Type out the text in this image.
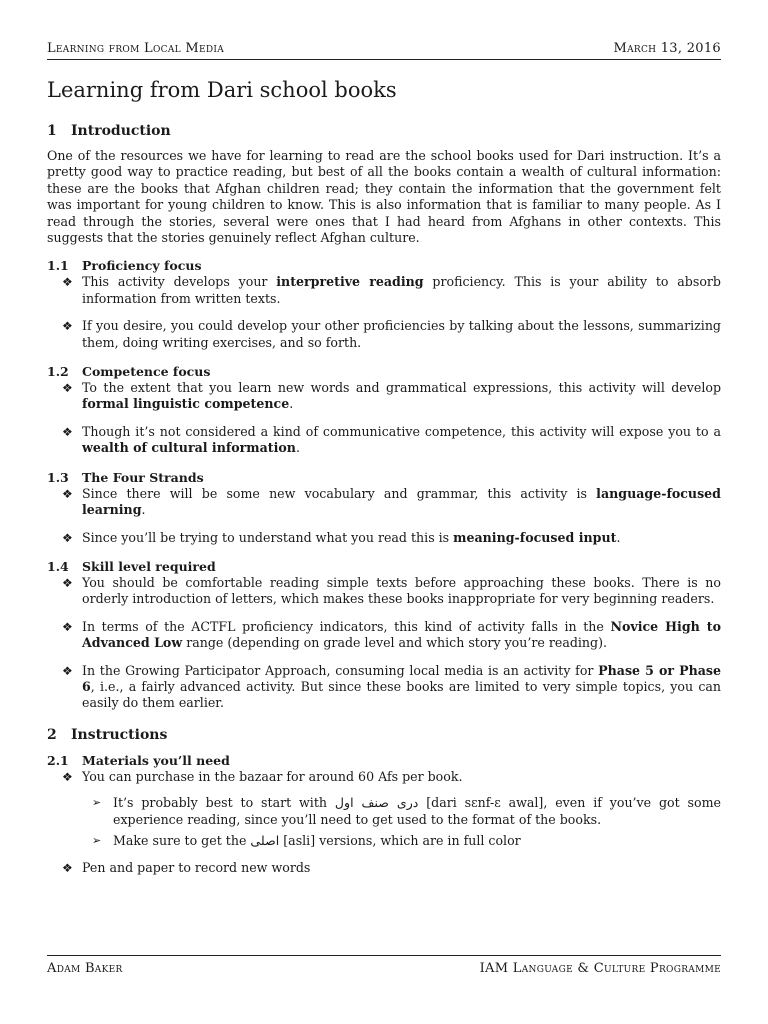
Learning from Local Media	March 13, 2016
Learning from Dari school books
1 Introduction

One of the resources we have for learning to read are the school books used for Dari instruction. It’s a pretty good way to practice reading, but best of all the books contain a wealth of cultural information: these are the books that Afghan children read; they contain the information that the government felt was important for young children to know. This is also information that is familiar to many people. As I read through the stories, several were ones that I had heard from Afghans in other contexts. This suggests that the stories genuinely reflect Afghan culture.

1.1 Proficiency focus
❖ This activity develops your interpretive reading proficiency. This is your ability to absorb information from written texts.
❖ If you desire, you could develop your other proficiencies by talking about the lessons, summarizing them, doing writing exercises, and so forth.
1.2 Competence focus
❖ To the extent that you learn new words and grammatical expressions, this activity will develop formal linguistic competence.
❖ Though it’s not considered a kind of communicative competence, this activity will expose you to a wealth of cultural information.
1.3 The Four Strands
❖ Since there will be some new vocabulary and grammar, this activity is language-focused learning.
❖ Since you’ll be trying to understand what you read this is meaning-focused input.
1.4 Skill level required
❖ You should be comfortable reading simple texts before approaching these books. There is no orderly introduction of letters, which makes these books inappropriate for very beginning readers.
❖ In terms of the ACTFL proficiency indicators, this kind of activity falls in the Novice High to Advanced Low range (depending on grade level and which story you’re reading).
❖ In the Growing Participator Approach, consuming local media is an activity for Phase 5 or Phase 6, i.e., a fairly advanced activity. But since these books are limited to very simple topics, you can easily do them earlier.
2 Instructions
2.1 Materials you’ll need
❖ You can purchase in the bazaar for around 60 Afs per book.
➢ It’s probably best to start with دری صنف اول [dari sɛnf-ɛ awal], even if you’ve got some experience reading, since you’ll need to get used to the format of the books.
➢ Make sure to get the اصلی [asli] versions, which are in full color
❖ Pen and paper to record new words
Adam Baker	IAM Language & Culture Programme
